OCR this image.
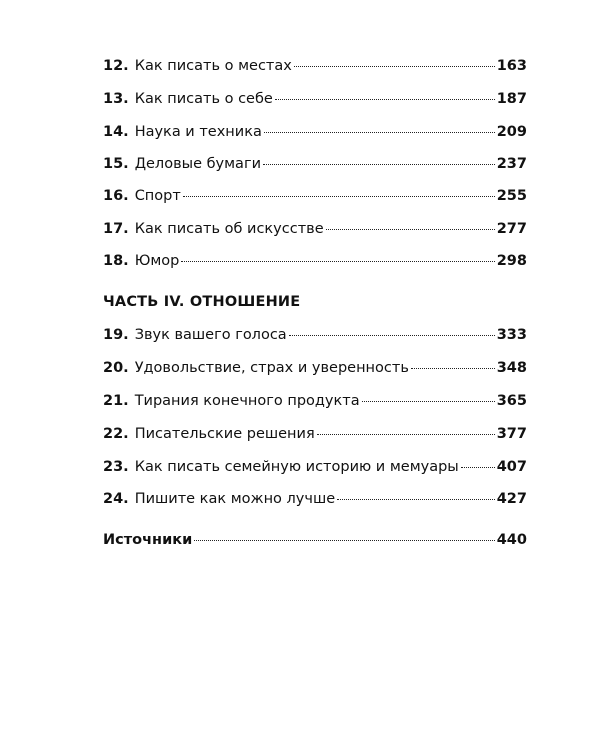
12. Как писать о местах	163
13. Как писать о себе	187
14. Наука и техника	209
15. Деловые бумаги	237
16. Спорт	255
17. Как писать об искусстве	277
18. Юмор	298
ЧАСТЬ IV. ОТНОШЕНИЕ
19. Звук вашего голоса	333
20. Удовольствие, страх и уверенность	348
21. Тирания конечного продукта	365
22. Писательские решения	377
23. Как писать семейную историю и мемуары	407
24. Пишите как можно лучше	427
Источники	440
